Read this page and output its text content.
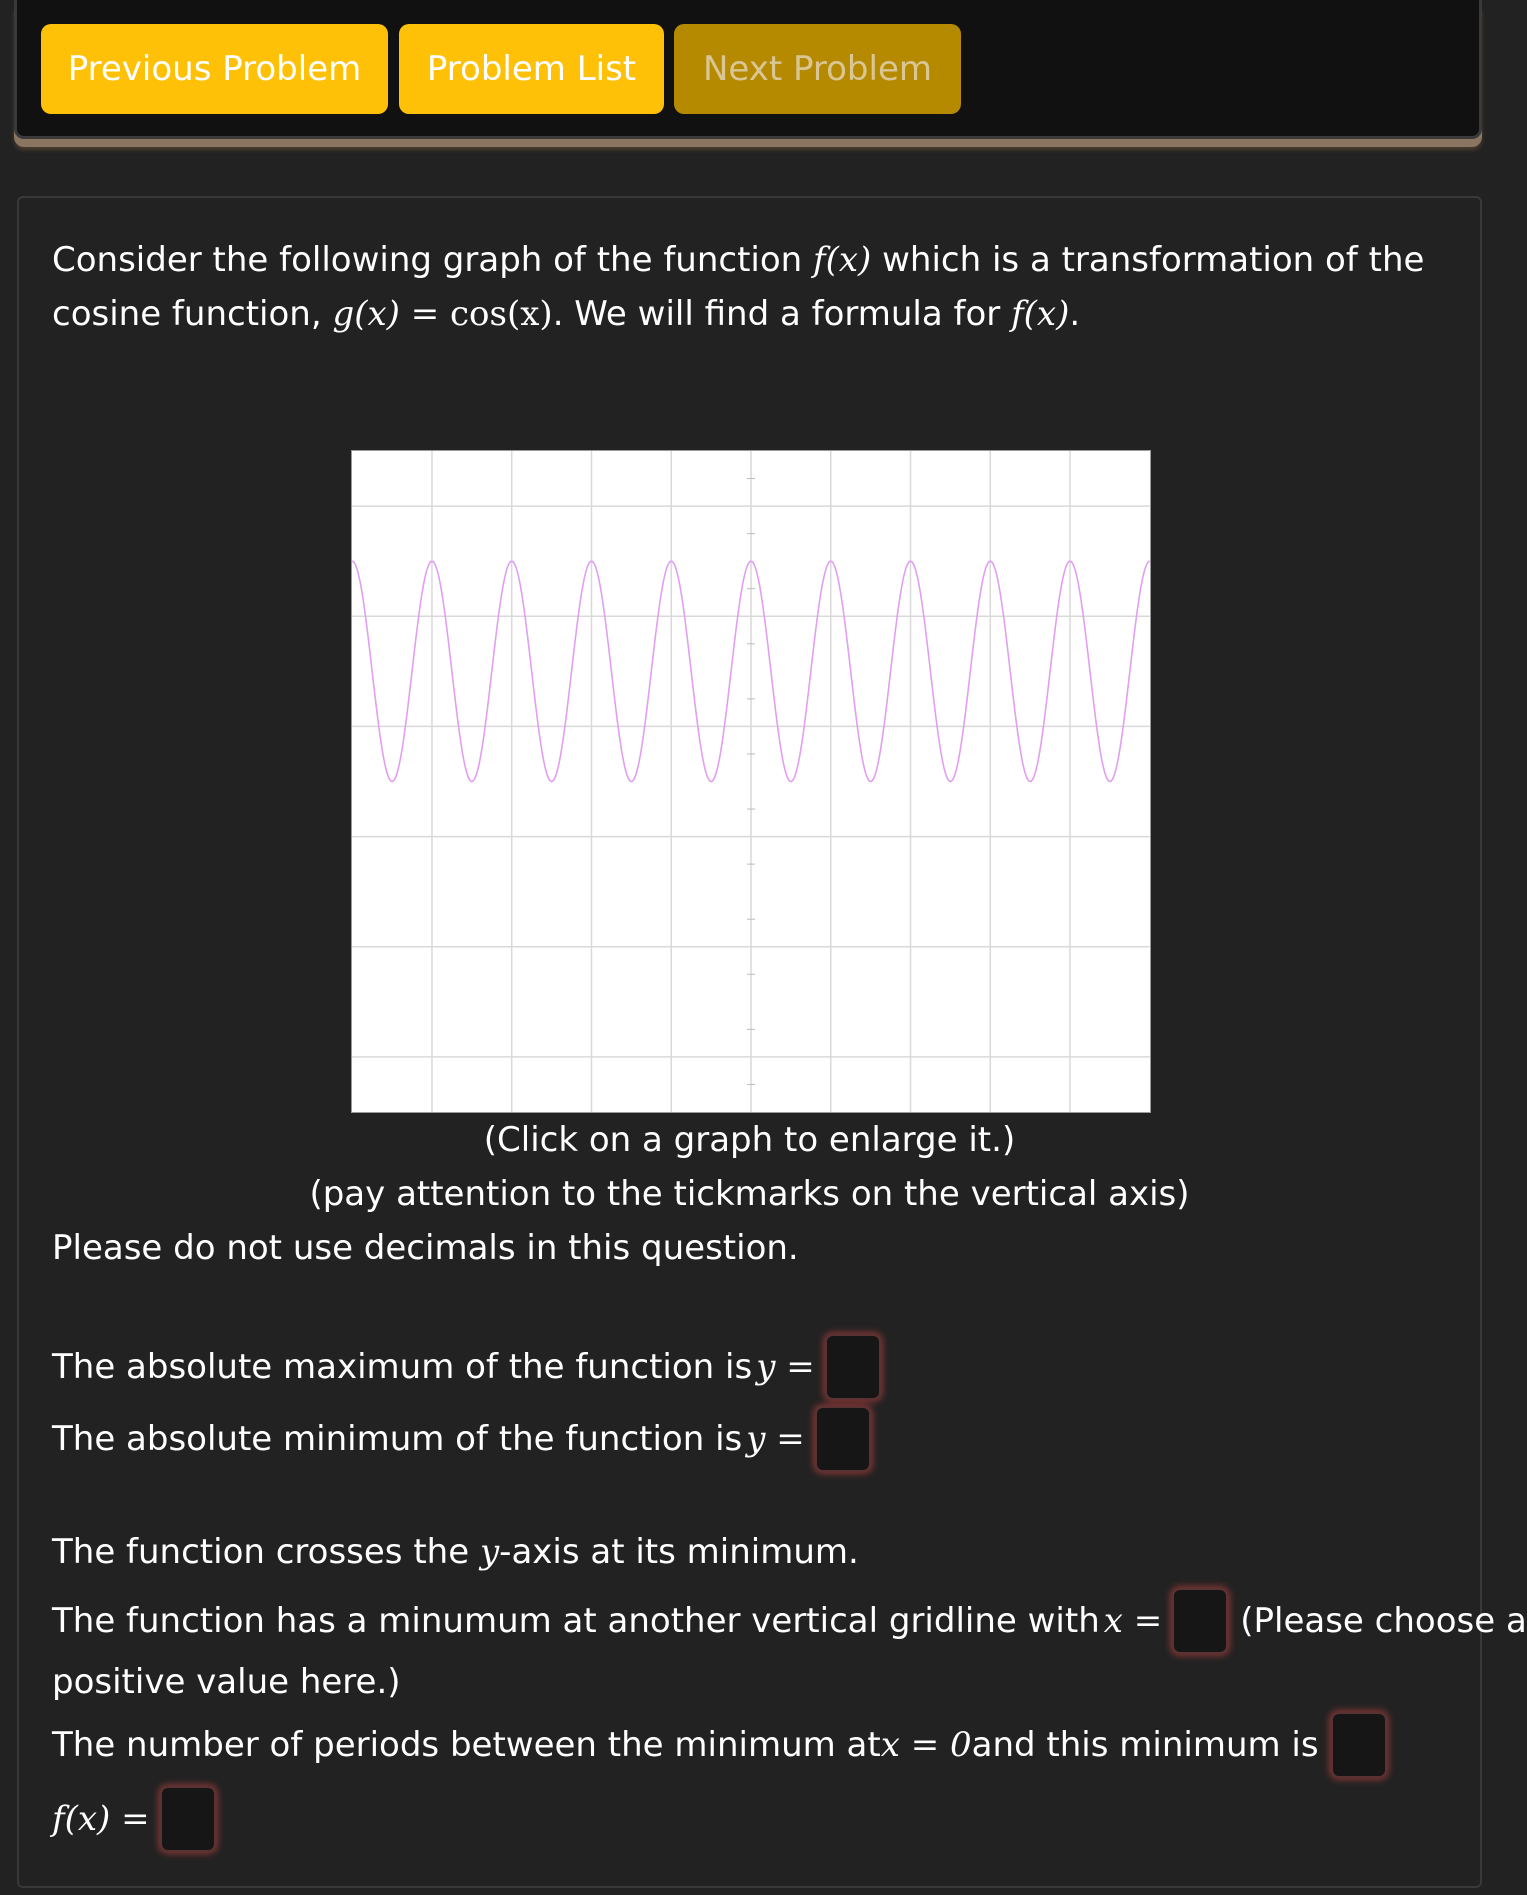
Previous Problem	Problem List	Next Problem
Consider the following graph of the function f(x) which is a transformation of the
cosine function, g(x) = cos(x). We will find a formula for f(x).
(Click on a graph to enlarge it.)
(pay attention to the tickmarks on the vertical axis)
Please do not use decimals in this question.
The absolute maximum of the function is y =
The absolute minimum of the function is y =
The function crosses the y-axis at its minimum.
The function has a minumum at another vertical gridline with x = (Please choose a
positive value here.)
The number of periods between the minimum at x = 0 and this minimum is
f(x) =
